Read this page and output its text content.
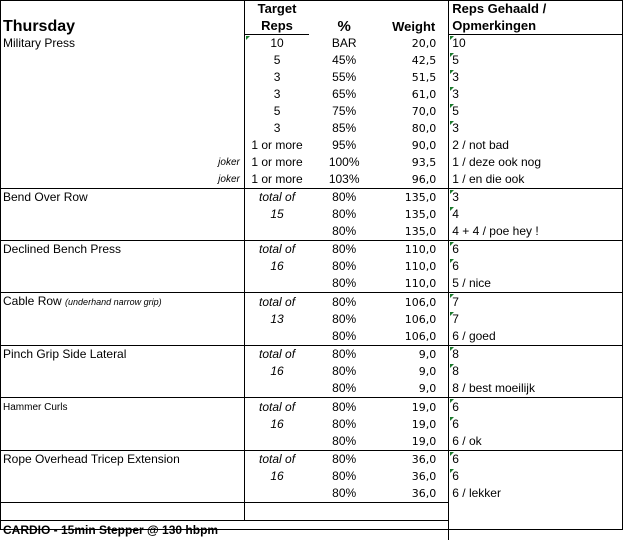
Thursday	Target	%	Weight	Reps Gehaald /
	Reps			Opmerkingen
Military Press	10	BAR	20,0	10
	5	45%	42,5	5
	3	55%	51,5	3
	3	65%	61,0	3
	5	75%	70,0	5
	3	85%	80,0	3
	1 or more	95%	90,0	2 / not bad
joker	1 or more	100%	93,5	1 / deze ook nog
joker	1 or more	103%	96,0	1 / en die ook
Bend Over Row	total of	80%	135,0	3
	15	80%	135,0	4
		80%	135,0	4 + 4 / poe hey !
Declined Bench Press	total of	80%	110,0	6
	16	80%	110,0	6
		80%	110,0	5 / nice
Cable Row (underhand narrow grip)	total of	80%	106,0	7
	13	80%	106,0	7
		80%	106,0	6 / goed
Pinch Grip Side Lateral	total of	80%	9,0	8
	16	80%	9,0	8
		80%	9,0	8 / best moeilijk
Hammer Curls	total of	80%	19,0	6
	16	80%	19,0	6
		80%	19,0	6 / ok
Rope Overhead Tricep Extension	total of	80%	36,0	6
	16	80%	36,0	6
		80%	36,0	6 / lekker

CARDIO - 15min Stepper @ 130 hbpm				
